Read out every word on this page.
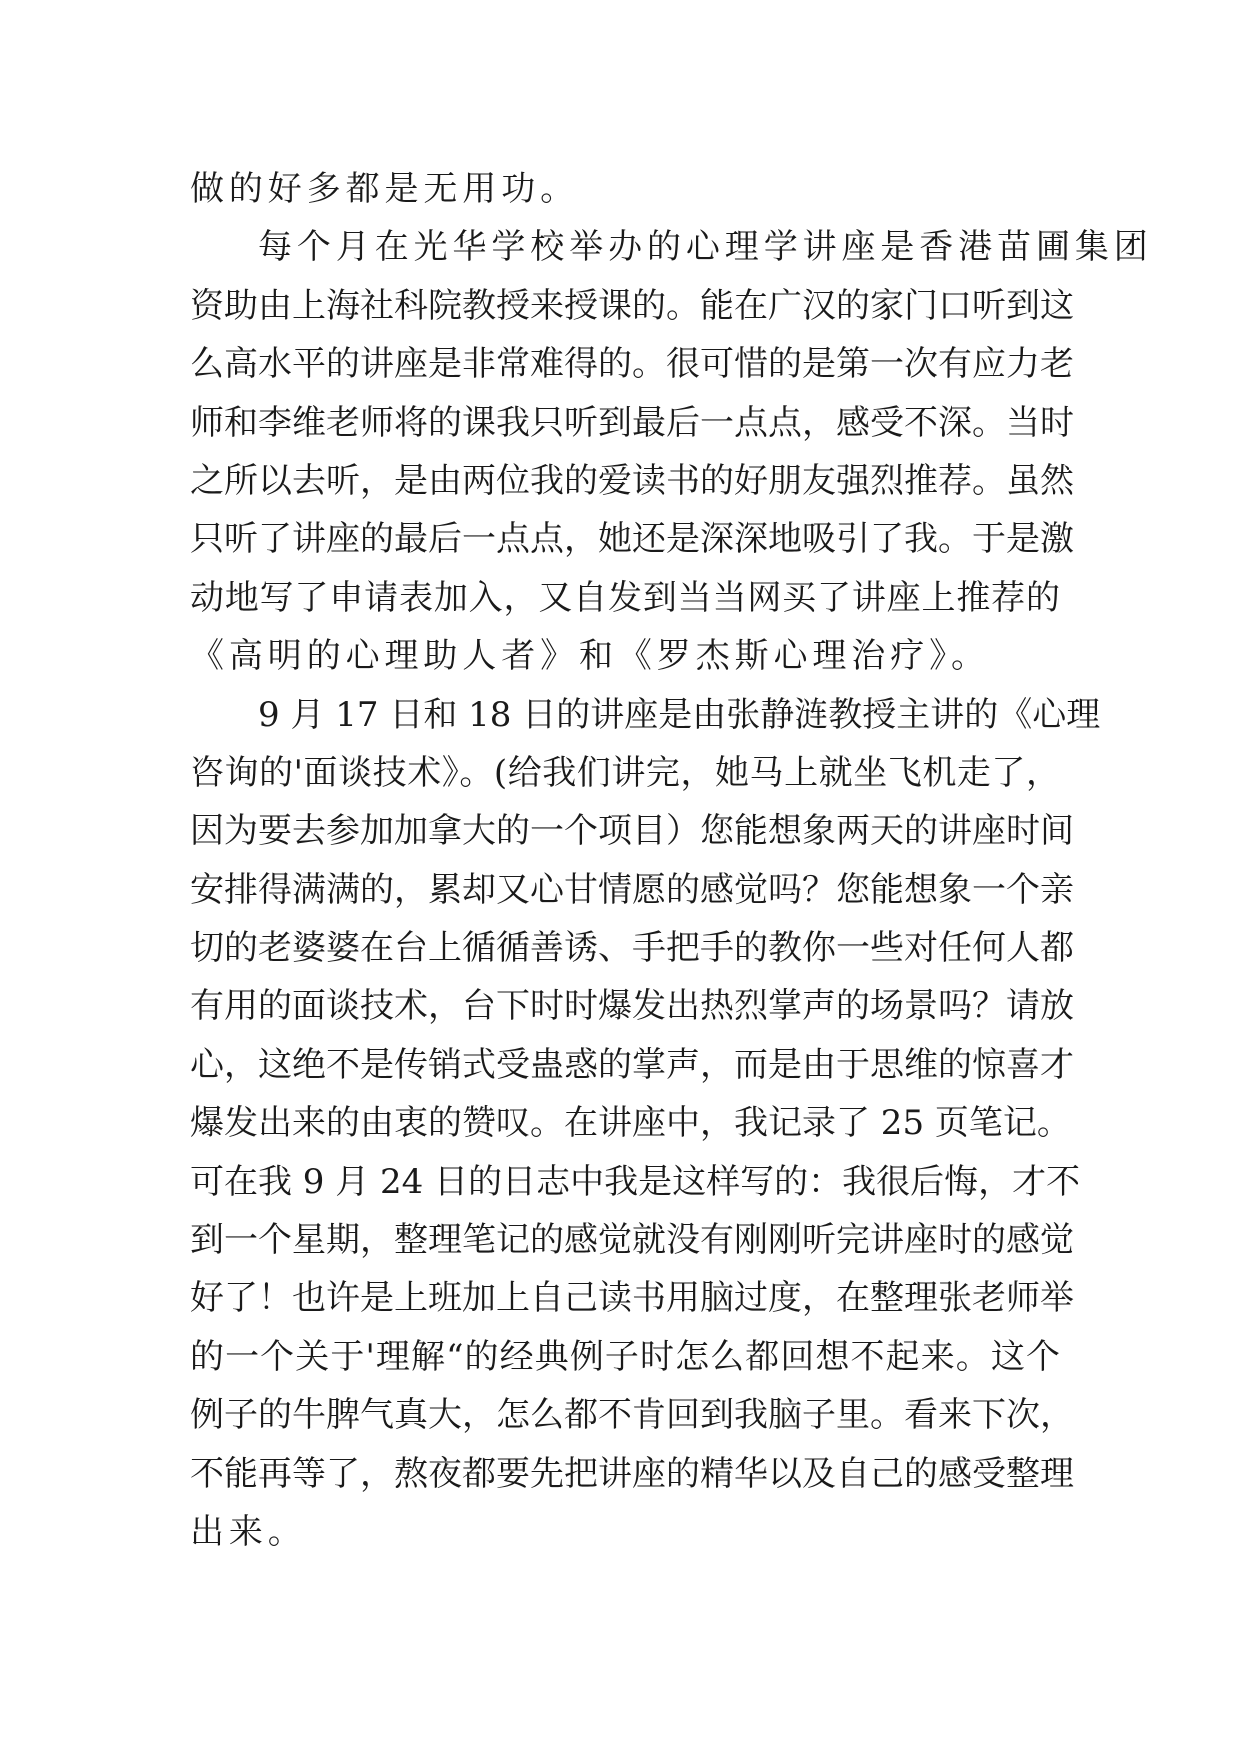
做的好多都是无用功。
每个月在光华学校举办的心理学讲座是香港苗圃集团
资助由上海社科院教授来授课的。能在广汉的家门口听到这
么高水平的讲座是非常难得的。很可惜的是第一次有应力老
师和李维老师将的课我只听到最后一点点，感受不深。当时
之所以去听，是由两位我的爱读书的好朋友强烈推荐。虽然
只听了讲座的最后一点点，她还是深深地吸引了我。于是激
动地写了申请表加入，又自发到当当网买了讲座上推荐的
《高明的心理助人者》和《罗杰斯心理治疗》。
9 月 17 日和 18 日的讲座是由张静涟教授主讲的《心理
咨询的'面谈技术》。(给我们讲完，她马上就坐飞机走了，
因为要去参加加拿大的一个项目）您能想象两天的讲座时间
安排得满满的，累却又心甘情愿的感觉吗？您能想象一个亲
切的老婆婆在台上循循善诱、手把手的教你一些对任何人都
有用的面谈技术，台下时时爆发出热烈掌声的场景吗？请放
心，这绝不是传销式受蛊惑的掌声，而是由于思维的惊喜才
爆发出来的由衷的赞叹。在讲座中，我记录了 25 页笔记。
可在我 9 月 24 日的日志中我是这样写的：我很后悔，才不
到一个星期，整理笔记的感觉就没有刚刚听完讲座时的感觉
好了！也许是上班加上自己读书用脑过度，在整理张老师举
的一个关于'理解“的经典例子时怎么都回想不起来。这个
例子的牛脾气真大，怎么都不肯回到我脑子里。看来下次，
不能再等了，熬夜都要先把讲座的精华以及自己的感受整理
出来。
